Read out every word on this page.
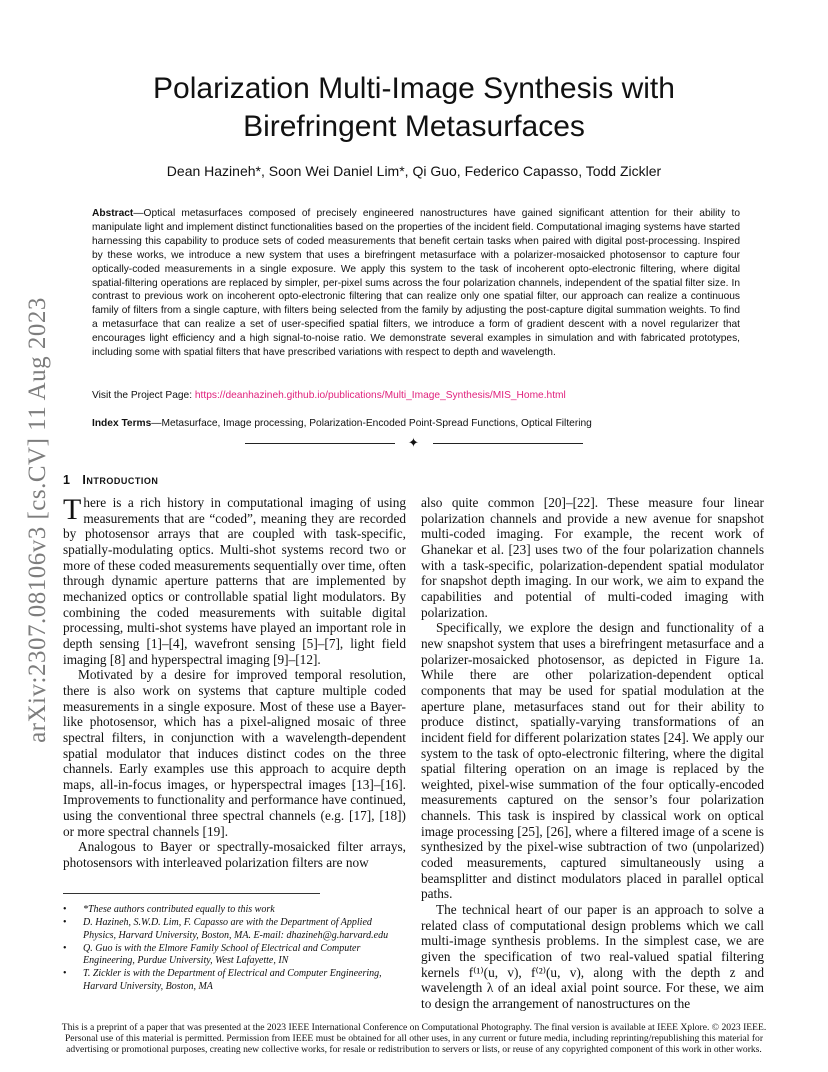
arXiv:2307.08106v3 [cs.CV] 11 Aug 2023
Polarization Multi-Image Synthesis with
Birefringent Metasurfaces
Dean Hazineh*, Soon Wei Daniel Lim*, Qi Guo, Federico Capasso, Todd Zickler

Abstract—Optical metasurfaces composed of precisely engineered nanostructures have gained significant attention for their ability to manipulate light and implement distinct functionalities based on the properties of the incident field. Computational imaging systems have started harnessing this capability to produce sets of coded measurements that benefit certain tasks when paired with digital post-processing. Inspired by these works, we introduce a new system that uses a birefringent metasurface with a polarizer-mosaicked photosensor to capture four optically-coded measurements in a single exposure. We apply this system to the task of incoherent opto-electronic filtering, where digital spatial-filtering operations are replaced by simpler, per-pixel sums across the four polarization channels, independent of the spatial filter size. In contrast to previous work on incoherent opto-electronic filtering that can realize only one spatial filter, our approach can realize a continuous family of filters from a single capture, with filters being selected from the family by adjusting the post-capture digital summation weights. To find a metasurface that can realize a set of user-specified spatial filters, we introduce a form of gradient descent with a novel regularizer that encourages light efficiency and a high signal-to-noise ratio. We demonstrate several examples in simulation and with fabricated prototypes, including some with spatial filters that have prescribed variations with respect to depth and wavelength.

Visit the Project Page: https://deanhazineh.github.io/publications/Multi_Image_Synthesis/MIS_Home.html

Index Terms—Metasurface, Image processing, Polarization-Encoded Point-Spread Functions, Optical Filtering

✦
1 Introduction

There is a rich history in computational imaging of using measurements that are “coded”, meaning they are recorded by photosensor arrays that are coupled with task-specific, spatially-modulating optics. Multi-shot systems record two or more of these coded measurements sequentially over time, often through dynamic aperture patterns that are implemented by mechanized optics or controllable spatial light modulators. By combining the coded measurements with suitable digital processing, multi-shot systems have played an important role in depth sensing [1]–[4], wavefront sensing [5]–[7], light field imaging [8] and hyperspectral imaging [9]–[12].

Motivated by a desire for improved temporal resolution, there is also work on systems that capture multiple coded measurements in a single exposure. Most of these use a Bayer-like photosensor, which has a pixel-aligned mosaic of three spectral filters, in conjunction with a wavelength-dependent spatial modulator that induces distinct codes on the three channels. Early examples use this approach to acquire depth maps, all-in-focus images, or hyperspectral images [13]–[16]. Improvements to functionality and performance have continued, using the conventional three spectral channels (e.g. [17], [18]) or more spectral channels [19].

Analogous to Bayer or spectrally-mosaicked filter arrays, photosensors with interleaved polarization filters are now

also quite common [20]–[22]. These measure four linear polarization channels and provide a new avenue for snapshot multi-coded imaging. For example, the recent work of Ghanekar et al. [23] uses two of the four polarization channels with a task-specific, polarization-dependent spatial modulator for snapshot depth imaging. In our work, we aim to expand the capabilities and potential of multi-coded imaging with polarization.

Specifically, we explore the design and functionality of a new snapshot system that uses a birefringent metasurface and a polarizer-mosaicked photosensor, as depicted in Figure 1a. While there are other polarization-dependent optical components that may be used for spatial modulation at the aperture plane, metasurfaces stand out for their ability to produce distinct, spatially-varying transformations of an incident field for different polarization states [24]. We apply our system to the task of opto-electronic filtering, where the digital spatial filtering operation on an image is replaced by the weighted, pixel-wise summation of the four optically-encoded measurements captured on the sensor’s four polarization channels. This task is inspired by classical work on optical image processing [25], [26], where a filtered image of a scene is synthesized by the pixel-wise subtraction of two (unpolarized) coded measurements, captured simultaneously using a beamsplitter and distinct modulators placed in parallel optical paths.

The technical heart of our paper is an approach to solve a related class of computational design problems which we call multi-image synthesis problems. In the simplest case, we are given the specification of two real-valued spatial filtering kernels f⁽¹⁾(u, v), f⁽²⁾(u, v), along with the depth z and wavelength λ of an ideal axial point source. For these, we aim to design the arrangement of nanostructures on the

• *These authors contributed equally to this work
• D. Hazineh, S.W.D. Lim, F. Capasso are with the Department of Applied Physics, Harvard University, Boston, MA. E-mail: dhazineh@g.harvard.edu
• Q. Guo is with the Elmore Family School of Electrical and Computer Engineering, Purdue University, West Lafayette, IN
• T. Zickler is with the Department of Electrical and Computer Engineering, Harvard University, Boston, MA

This is a preprint of a paper that was presented at the 2023 IEEE International Conference on Computational Photography. The final version is available at IEEE Xplore. © 2023 IEEE. Personal use of this material is permitted. Permission from IEEE must be obtained for all other uses, in any current or future media, including reprinting/republishing this material for advertising or promotional purposes, creating new collective works, for resale or redistribution to servers or lists, or reuse of any copyrighted component of this work in other works.
